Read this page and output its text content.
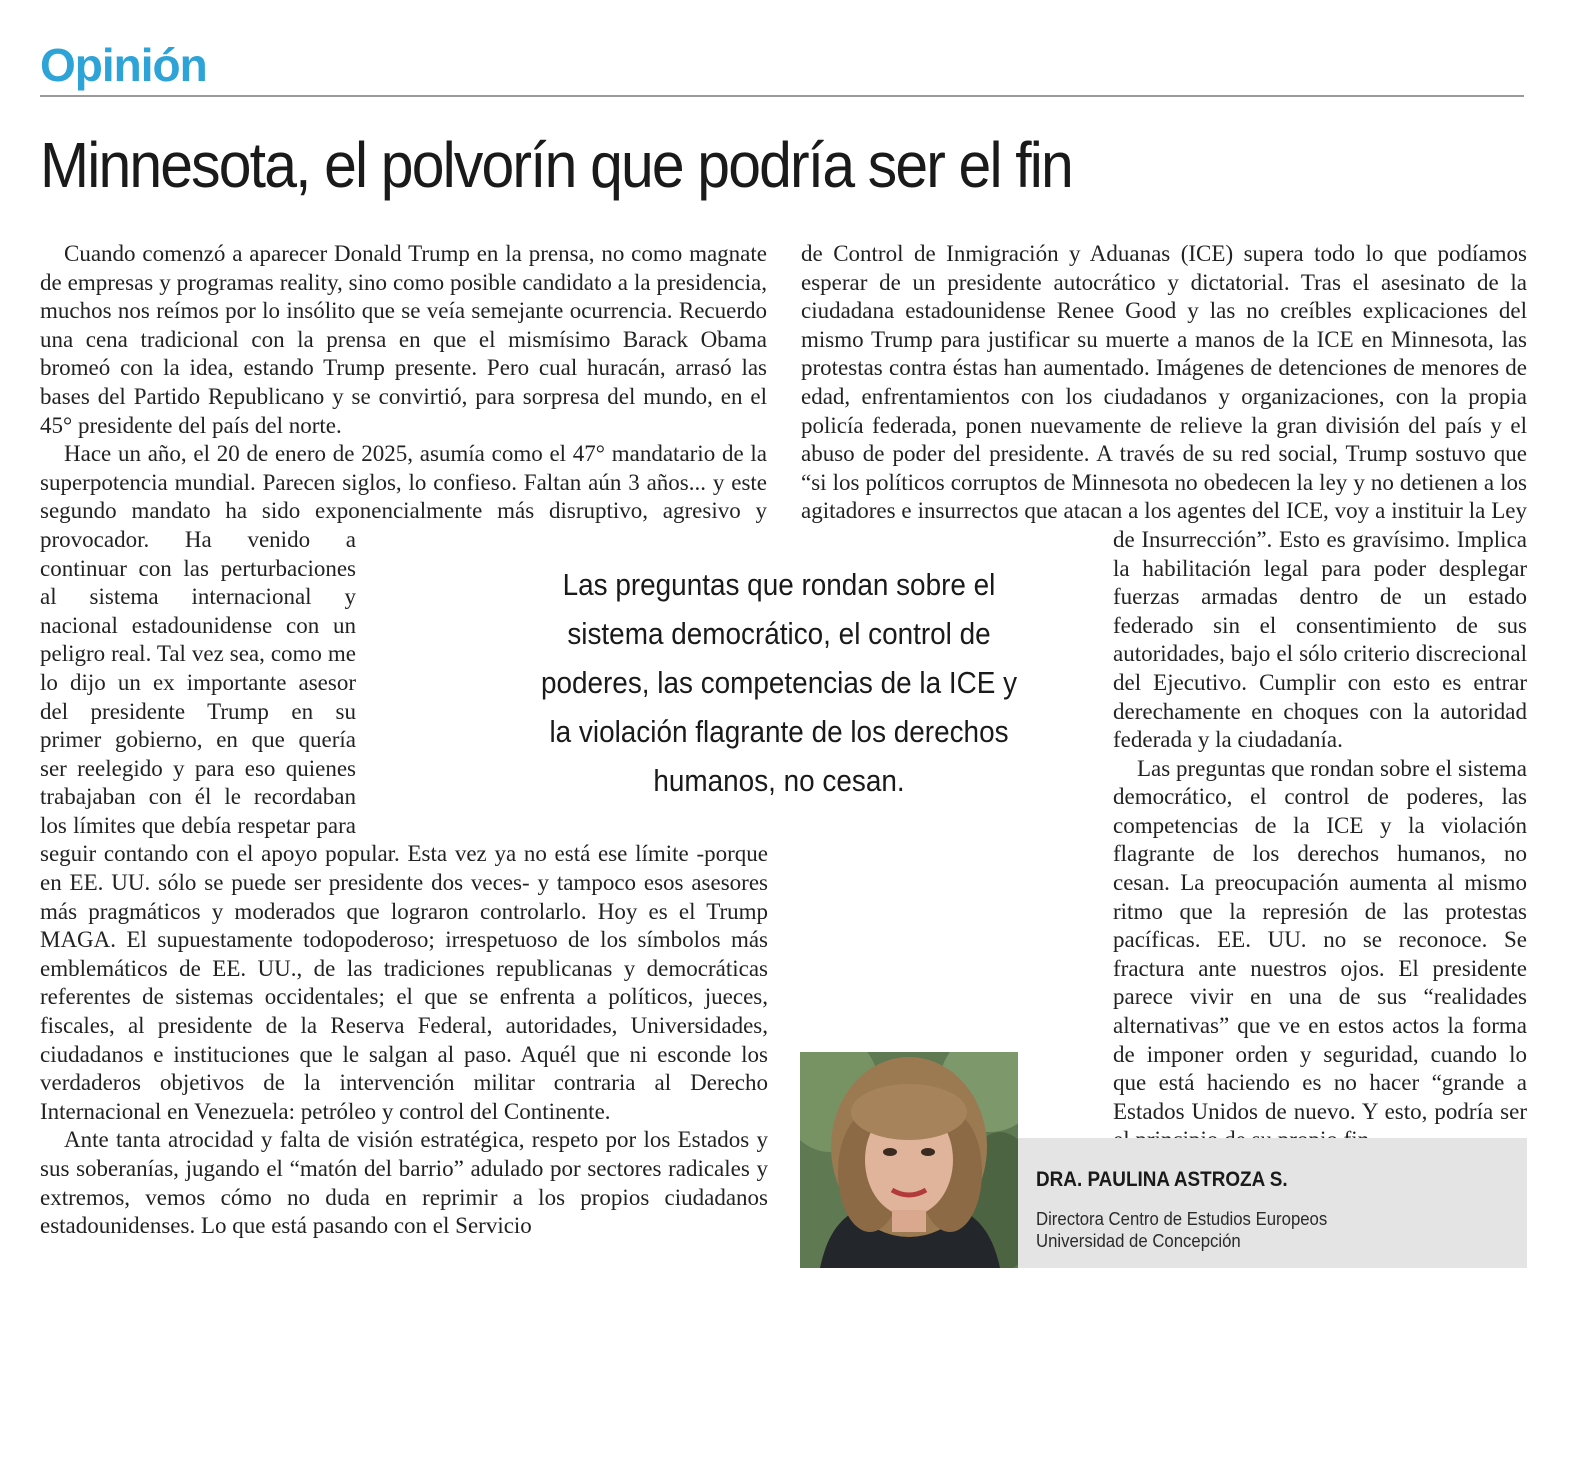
Opinión
Minnesota, el polvorín que podría ser el fin

Cuando comenzó a aparecer Donald Trump en la prensa, no como magnate de empresas y programas reality, sino como posible candidato a la presidencia, muchos nos reímos por lo insólito que se veía semejante ocurrencia. Recuerdo una cena tradicional con la prensa en que el mismísimo Barack Obama bromeó con la idea, estando Trump presente. Pero cual huracán, arrasó las bases del Partido Republicano y se convirtió, para sorpresa del mundo, en el 45° presidente del país del norte.

Hace un año, el 20 de enero de 2025, asumía como el 47° mandatario de la superpotencia mundial. Parecen siglos, lo confieso. Faltan aún 3 años... y este segundo mandato ha sido exponencialmente más disruptivo, agresivo y provocador. Ha venido a continuar con las perturbaciones al sistema internacional y nacional estadounidense con un peligro real. Tal vez sea, como me lo dijo un ex importante asesor del presidente Trump en su primer gobierno, en que quería ser reelegido y para eso quienes trabajaban con él le recordaban los límites que debía respetar para seguir contando con el apoyo popular. Esta vez ya no está ese límite -porque en EE. UU. sólo se puede ser presidente dos veces- y tampoco esos asesores más pragmáticos y moderados que lograron controlarlo. Hoy es el Trump MAGA. El supuestamente todopoderoso; irrespetuoso de los símbolos más emblemáticos de EE. UU., de las tradiciones republicanas y democráticas referentes de sistemas occidentales; el que se enfrenta a políticos, jueces, fiscales, al presidente de la Reserva Federal, autoridades, Universidades, ciudadanos e instituciones que le salgan al paso. Aquél que ni esconde los verdaderos objetivos de la intervención militar contraria al Derecho Internacional en Venezuela: petróleo y control del Continente.

Ante tanta atrocidad y falta de visión estratégica, respeto por los Estados y sus soberanías, jugando el “matón del barrio” adulado por sectores radicales y extremos, vemos cómo no duda en reprimir a los propios ciudadanos estadounidenses. Lo que está pasando con el Servicio

de Control de Inmigración y Aduanas (ICE) supera todo lo que podíamos esperar de un presidente autocrático y dictatorial. Tras el asesinato de la ciudadana estadounidense Renee Good y las no creíbles explicaciones del mismo Trump para justificar su muerte a manos de la ICE en Minnesota, las protestas contra éstas han aumentado. Imágenes de detenciones de menores de edad, enfrentamientos con los ciudadanos y organizaciones, con la propia policía federada, ponen nuevamente de relieve la gran división del país y el abuso de poder del presidente. A través de su red social, Trump sostuvo que “si los políticos corruptos de Minnesota no obedecen la ley y no detienen a los agitadores e insurrectos que atacan a los agentes del ICE, voy a instituir la Ley de Insurrección”. Esto es gravísimo. Implica la habilitación legal para poder desplegar fuerzas armadas dentro de un estado federado sin el consentimiento de sus autoridades, bajo el sólo criterio discrecional del Ejecutivo. Cumplir con esto es entrar derechamente en choques con la autoridad federada y la ciudadanía.

Las preguntas que rondan sobre el sistema democrático, el control de poderes, las competencias de la ICE y la violación flagrante de los derechos humanos, no cesan. La preocupación aumenta al mismo ritmo que la represión de las protestas pacíficas. EE. UU. no se reconoce. Se fractura ante nuestros ojos. El presidente parece vivir en una de sus “realidades alternativas” que ve en estos actos la forma de imponer orden y seguridad, cuando lo que está haciendo es no hacer “grande a Estados Unidos de nuevo. Y esto, podría ser

Las preguntas que rondan sobre el sistema democrático, el control de poderes, las competencias de la ICE y la violación flagrante de los derechos humanos, no cesan.

DRA. PAULINA ASTROZA S.

Directora Centro de Estudios Europeos
Universidad de Concepción
